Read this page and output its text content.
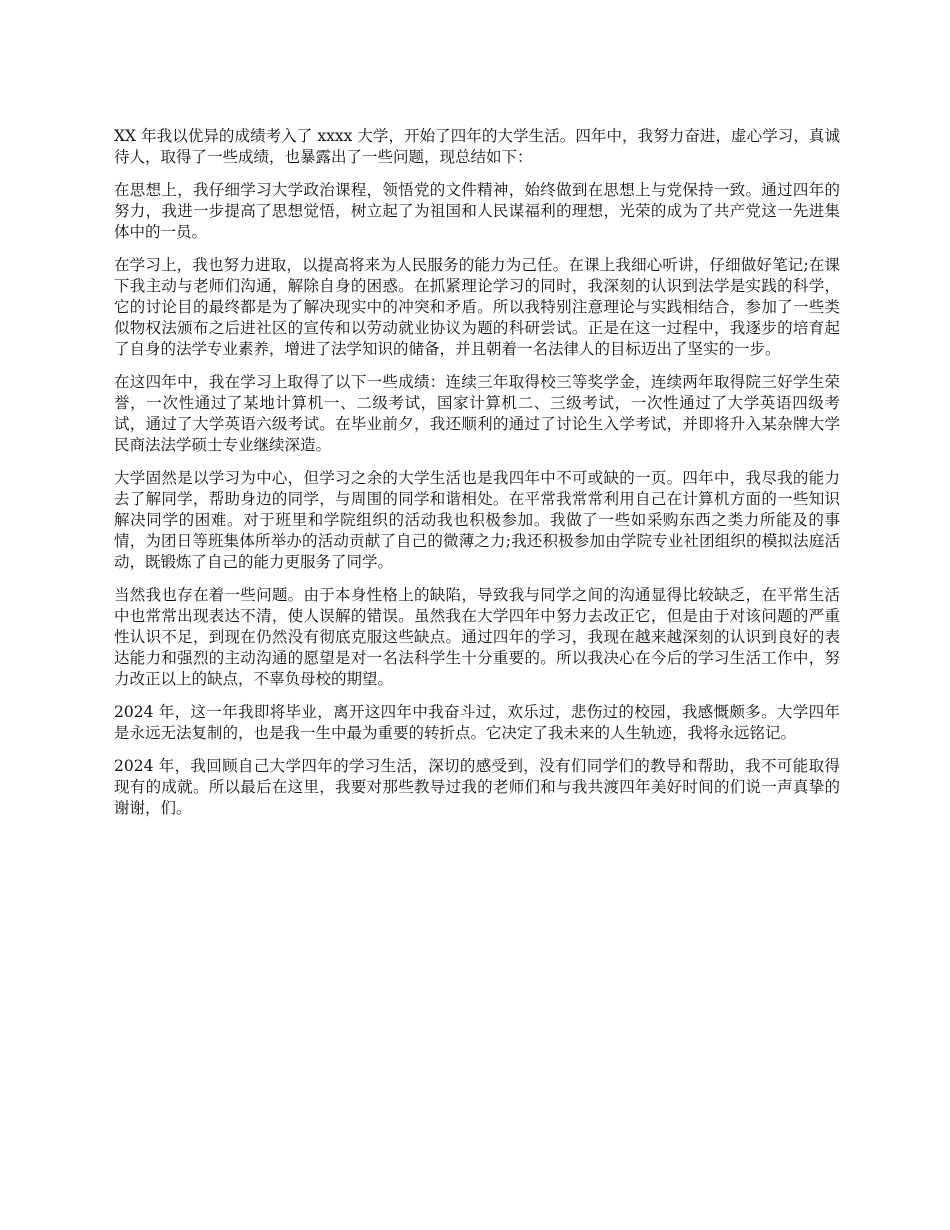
XX 年我以优异的成绩考入了 xxxx 大学，开始了四年的大学生活。四年中，我努力奋进，虚心学习，真诚待人，取得了一些成绩，也暴露出了一些问题，现总结如下：

在思想上，我仔细学习大学政治课程，领悟党的文件精神，始终做到在思想上与党保持一致。通过四年的努力，我进一步提高了思想觉悟，树立起了为祖国和人民谋福利的理想，光荣的成为了共产党这一先进集体中的一员。

在学习上，我也努力进取，以提高将来为人民服务的能力为己任。在课上我细心听讲，仔细做好笔记;在课下我主动与老师们沟通，解除自身的困惑。在抓紧理论学习的同时，我深刻的认识到法学是实践的科学，它的讨论目的最终都是为了解决现实中的冲突和矛盾。所以我特别注意理论与实践相结合，参加了一些类似物权法颁布之后进社区的宣传和以劳动就业协议为题的科研尝试。正是在这一过程中，我逐步的培育起了自身的法学专业素养，增进了法学知识的储备，并且朝着一名法律人的目标迈出了坚实的一步。

在这四年中，我在学习上取得了以下一些成绩：连续三年取得校三等奖学金，连续两年取得院三好学生荣誉，一次性通过了某地计算机一、二级考试，国家计算机二、三级考试，一次性通过了大学英语四级考试，通过了大学英语六级考试。在毕业前夕，我还顺利的通过了讨论生入学考试，并即将升入某杂牌大学民商法法学硕士专业继续深造。

大学固然是以学习为中心，但学习之余的大学生活也是我四年中不可或缺的一页。四年中，我尽我的能力去了解同学，帮助身边的同学，与周围的同学和谐相处。在平常我常常利用自己在计算机方面的一些知识解决同学的困难。对于班里和学院组织的活动我也积极参加。我做了一些如采购东西之类力所能及的事情，为团日等班集体所举办的活动贡献了自己的微薄之力;我还积极参加由学院专业社团组织的模拟法庭活动，既锻炼了自己的能力更服务了同学。

当然我也存在着一些问题。由于本身性格上的缺陷，导致我与同学之间的沟通显得比较缺乏，在平常生活中也常常出现表达不清，使人误解的错误。虽然我在大学四年中努力去改正它，但是由于对该问题的严重性认识不足，到现在仍然没有彻底克服这些缺点。通过四年的学习，我现在越来越深刻的认识到良好的表达能力和强烈的主动沟通的愿望是对一名法科学生十分重要的。所以我决心在今后的学习生活工作中，努力改正以上的缺点，不辜负母校的期望。

2024 年，这一年我即将毕业，离开这四年中我奋斗过，欢乐过，悲伤过的校园，我感慨颇多。大学四年是永远无法复制的，也是我一生中最为重要的转折点。它决定了我未来的人生轨迹，我将永远铭记。

2024 年，我回顾自己大学四年的学习生活，深切的感受到，没有们同学们的教导和帮助，我不可能取得现有的成就。所以最后在这里，我要对那些教导过我的老师们和与我共渡四年美好时间的们说一声真挚的谢谢，们。
